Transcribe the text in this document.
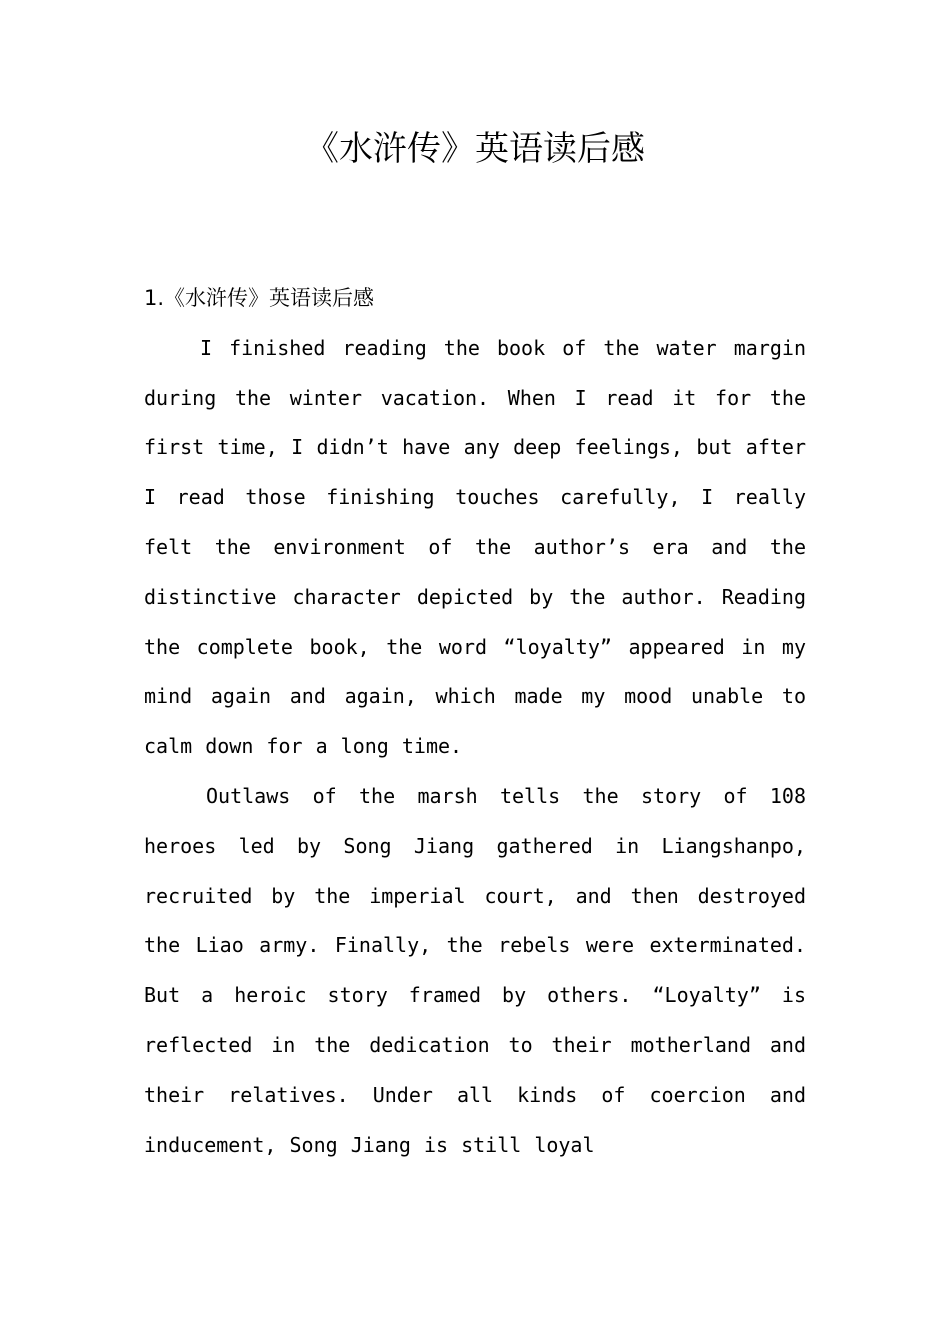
《水浒传》英语读后感
1.《水浒传》英语读后感

I finished reading the book of the water margin during the winter vacation. When I read it for the first time, I didn’t have any deep feelings, but after I read those finishing touches carefully, I really felt the environment of the author’s era and the distinctive character depicted by the author. Reading the complete book, the word “loyalty” appeared in my mind again and again, which made my mood unable to calm down for a long time.

Outlaws of the marsh tells the story of 108 heroes led by Song Jiang gathered in Liangshanpo, recruited by the imperial court, and then destroyed the Liao army. Finally, the rebels were exterminated. But a heroic story framed by others. “Loyalty” is reflected in the dedication to their motherland and their relatives. Under all kinds of coercion and inducement, Song Jiang is still loyal
